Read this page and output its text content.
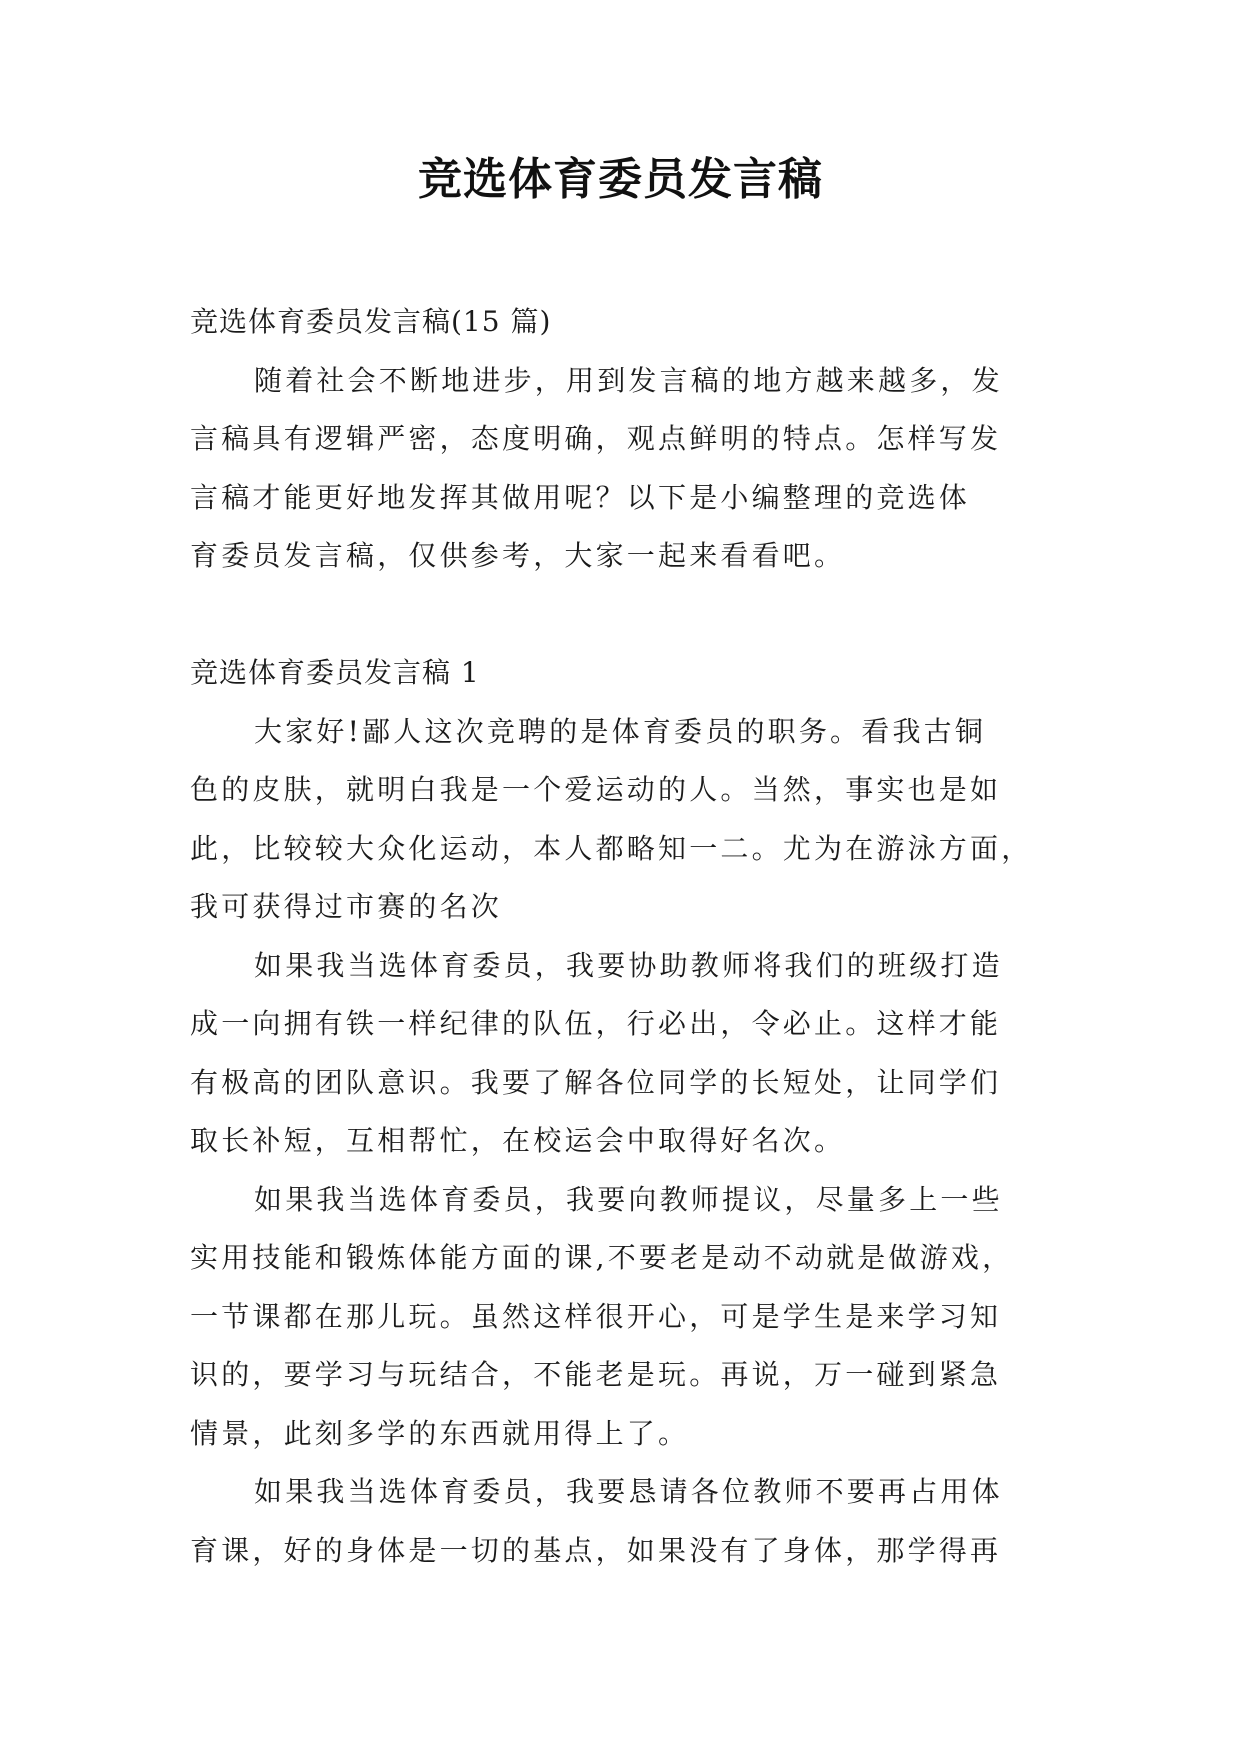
竞选体育委员发言稿
竞选体育委员发言稿(15 篇)
随着社会不断地进步，用到发言稿的地方越来越多，发
言稿具有逻辑严密，态度明确，观点鲜明的特点。怎样写发
言稿才能更好地发挥其做用呢？以下是小编整理的竞选体
育委员发言稿，仅供参考，大家一起来看看吧。
竞选体育委员发言稿 1
大家好!鄙人这次竞聘的是体育委员的职务。看我古铜
色的皮肤，就明白我是一个爱运动的人。当然，事实也是如
此，比较较大众化运动，本人都略知一二。尤为在游泳方面，
我可获得过市赛的名次
如果我当选体育委员，我要协助教师将我们的班级打造
成一向拥有铁一样纪律的队伍，行必出，令必止。这样才能
有极高的团队意识。我要了解各位同学的长短处，让同学们
取长补短，互相帮忙，在校运会中取得好名次。
如果我当选体育委员，我要向教师提议，尽量多上一些
实用技能和锻炼体能方面的课,不要老是动不动就是做游戏，
一节课都在那儿玩。虽然这样很开心，可是学生是来学习知
识的，要学习与玩结合，不能老是玩。再说，万一碰到紧急
情景，此刻多学的东西就用得上了。
如果我当选体育委员，我要恳请各位教师不要再占用体
育课，好的身体是一切的基点，如果没有了身体，那学得再
